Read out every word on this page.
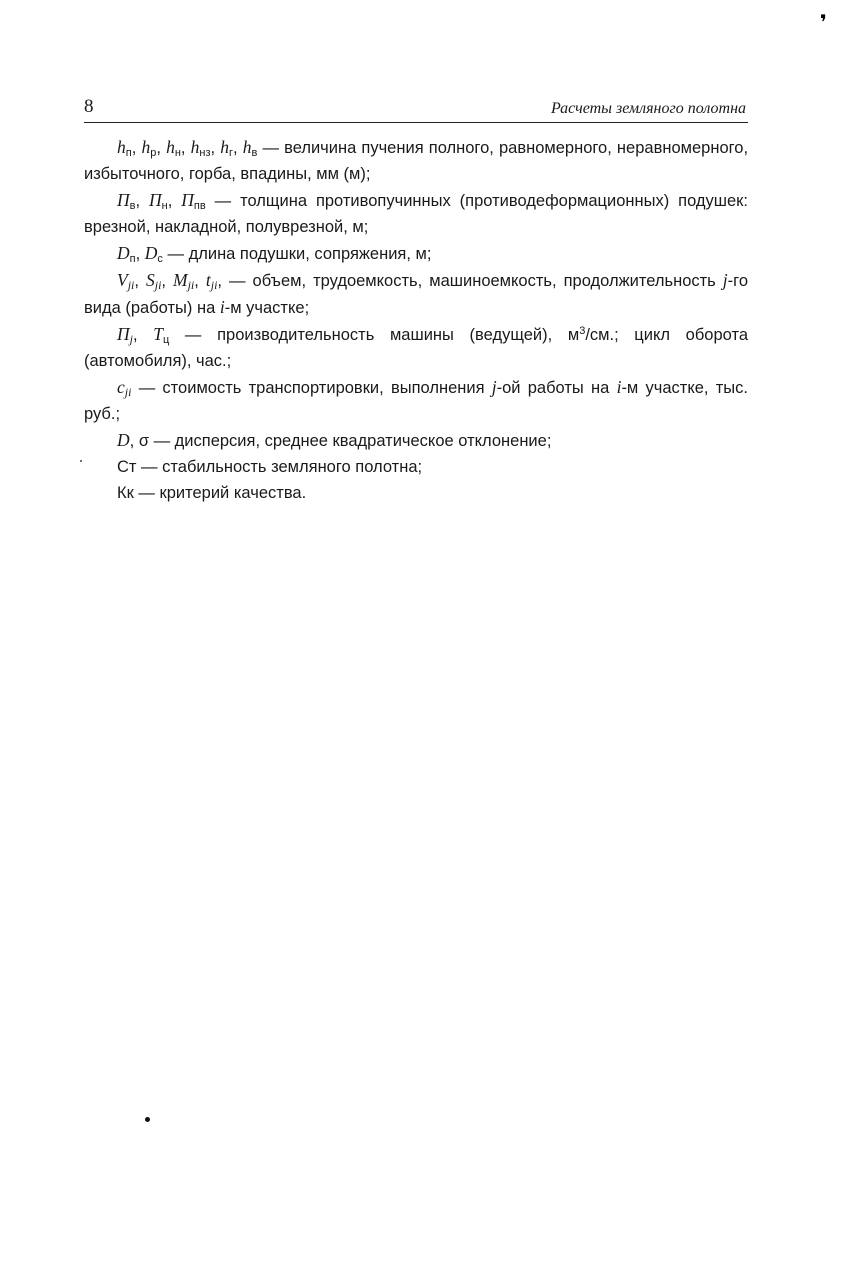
❜
8	Расчеты земляного полотна

$h_п$, $h_р$, $h_н$, $h_{нз}$, $h_г$, $h_в$ — величина пучения полного, равномерного, неравномерного, избыточного, горба, впадины, мм (м);

$П_в$, $П_н$, $П_{пв}$ — толщина противопучинных (противодеформационных) подушек: врезной, накладной, полуврезной, м;

$D_п$, $D_с$ — длина подушки, сопряжения, м;

$V_{ji}$, $S_{ji}$, $M_{ji}$, $t_{ji}$, — объем, трудоемкость, машиноемкость, продолжительность j-го вида (работы) на i-м участке;

$П_j$, $Т_ц$ — производительность машины (ведущей), $м^3/см$.; цикл оборота (автомобиля), час.;

$c_{ji}$ — стоимость транспортировки, выполнения j-ой работы на i-м участке, тыс. руб.;

D, σ — дисперсия, среднее квадратическое отклонение;

Ст — стабильность земляного полотна;

Кк — критерий качества.
